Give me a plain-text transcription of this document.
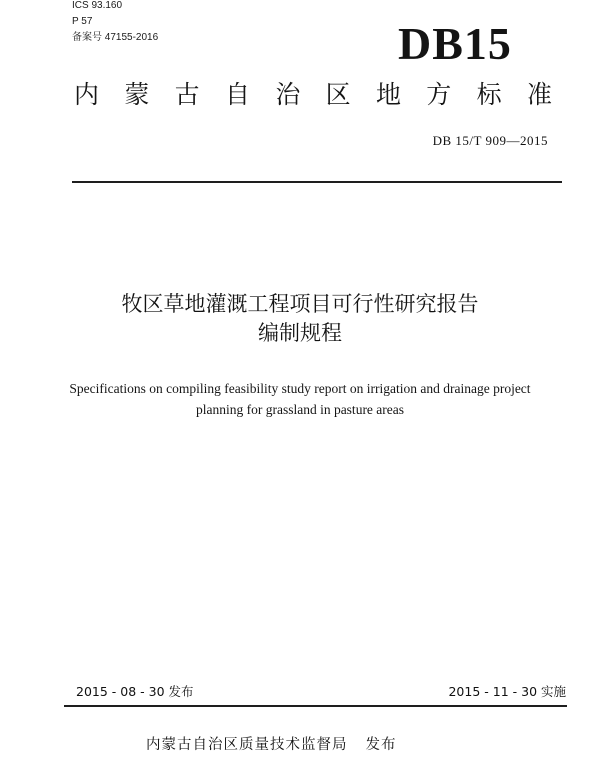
ICS 93.160
P 57
备案号 47155-2016	DB15
内 蒙 古 自 治 区 地 方 标 准
DB 15/T 909—2015
牧区草地灌溉工程项目可行性研究报告
编制规程
Specifications on compiling feasibility study report on irrigation and drainage project
planning for grassland in pasture areas
2015 - 08 - 30 发布	2015 - 11 - 30 实施
内蒙古自治区质量技术监督局 发布
